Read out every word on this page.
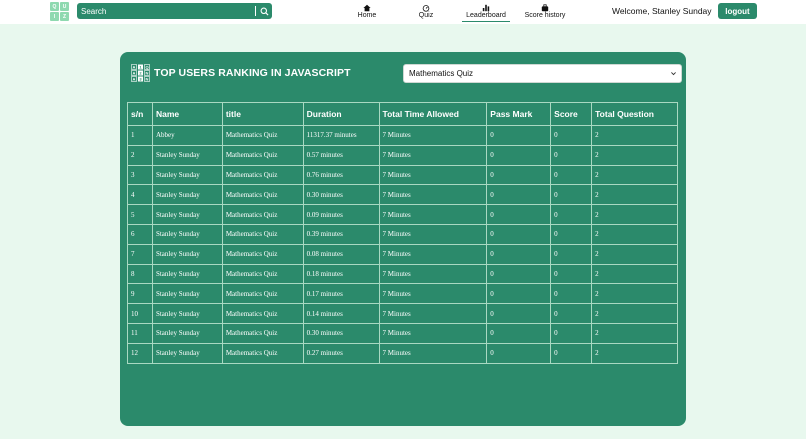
Q	U
I	Z
Search	Home	Quiz	Leaderboard	Score history	Welcome, Stanley Sunday	logout
A 1 Q
A 2 N
A 3 N
TOP USERS RANKING IN JAVASCRIPT	Mathematics Quiz
s/n	Name	title	Duration	Total Time Allowed	Pass Mark	Score	Total Question
1	Abbey	Mathematics Quiz	11317.37 minutes	7 Minutes	0	0	2
2	Stanley Sunday	Mathematics Quiz	0.57 minutes	7 Minutes	0	0	2
3	Stanley Sunday	Mathematics Quiz	0.76 minutes	7 Minutes	0	0	2
4	Stanley Sunday	Mathematics Quiz	0.30 minutes	7 Minutes	0	0	2
5	Stanley Sunday	Mathematics Quiz	0.09 minutes	7 Minutes	0	0	2
6	Stanley Sunday	Mathematics Quiz	0.39 minutes	7 Minutes	0	0	2
7	Stanley Sunday	Mathematics Quiz	0.08 minutes	7 Minutes	0	0	2
8	Stanley Sunday	Mathematics Quiz	0.18 minutes	7 Minutes	0	0	2
9	Stanley Sunday	Mathematics Quiz	0.17 minutes	7 Minutes	0	0	2
10	Stanley Sunday	Mathematics Quiz	0.14 minutes	7 Minutes	0	0	2
11	Stanley Sunday	Mathematics Quiz	0.30 minutes	7 Minutes	0	0	2
12	Stanley Sunday	Mathematics Quiz	0.27 minutes	7 Minutes	0	0	2
